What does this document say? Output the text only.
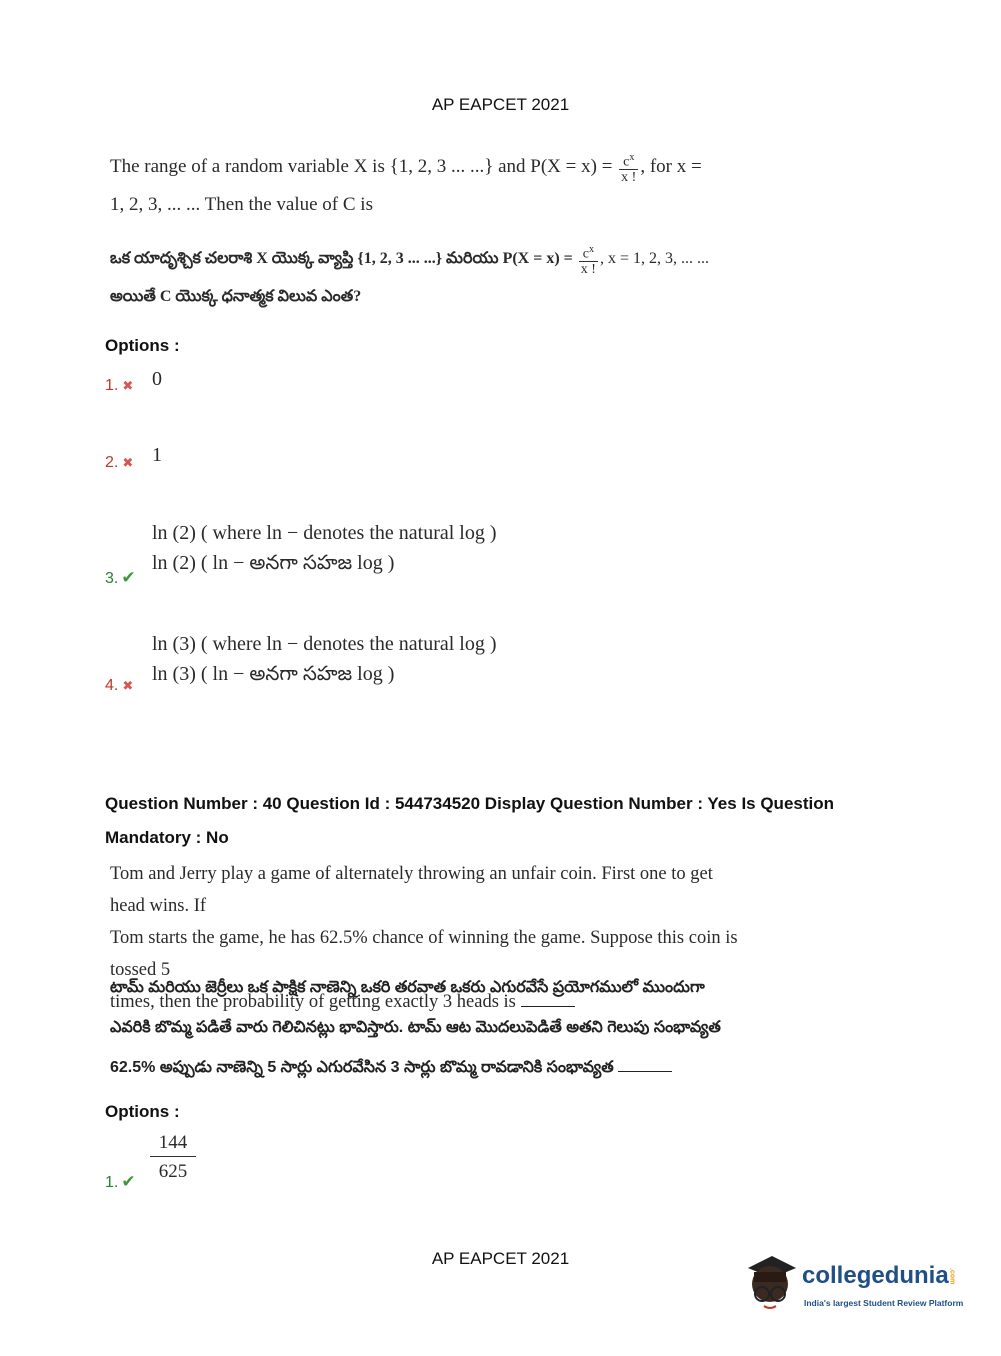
AP EAPCET 2021
The range of a random variable X is {1, 2, 3 ... ...} and $P(X = x) = \frac{c^x}{x !}$ , for x =
1, 2, 3, ... ... Then the value of C is
ఒక యాదృశ్చిక చలరాశి X యొక్క వ్యాప్తి {1, 2, 3 ... ...} మరియు $P(X = x) = \frac{c^x}{x !}$ , x = 1, 2, 3, ... ...
అయితే C యొక్క ధనాత్మక విలువ ఎంత?
Options :
1. ✖ 0
2. ✖ 1
ln (2) ( where ln − denotes the natural log )
ln (2) ( ln − అనగా సహజ log )
3. ✔
ln (3) ( where ln − denotes the natural log )
ln (3) ( ln − అనగా సహజ log )
4. ✖
Question Number : 40 Question Id : 544734520 Display Question Number : Yes Is Question
Mandatory : No
Tom and Jerry play a game of alternately throwing an unfair coin. First one to get head wins. If
Tom starts the game, he has 62.5% chance of winning the game. Suppose this coin is tossed 5
times, then the probability of getting exactly 3 heads is
టామ్ మరియు జెర్రీలు ఒక పాక్షిక నాణెన్ని ఒకరి తరవాత ఒకరు ఎగురవేసే ప్రయోగములో ముందుగా
ఎవరికి బొమ్మ పడితే వారు గెలిచినట్లు భావిస్తారు. టామ్ ఆట మొదలుపెడితే అతని గెలుపు సంభావ్యత
62.5% అప్పుడు నాణెన్ని 5 సార్లు ఎగురవేసిన 3 సార్లు బొమ్మ రావడానికి సంభావ్యత
Options :
$\frac{144}{625}$
1. ✔
AP EAPCET 2021
collegedunia.com
India's largest Student Review Platform
